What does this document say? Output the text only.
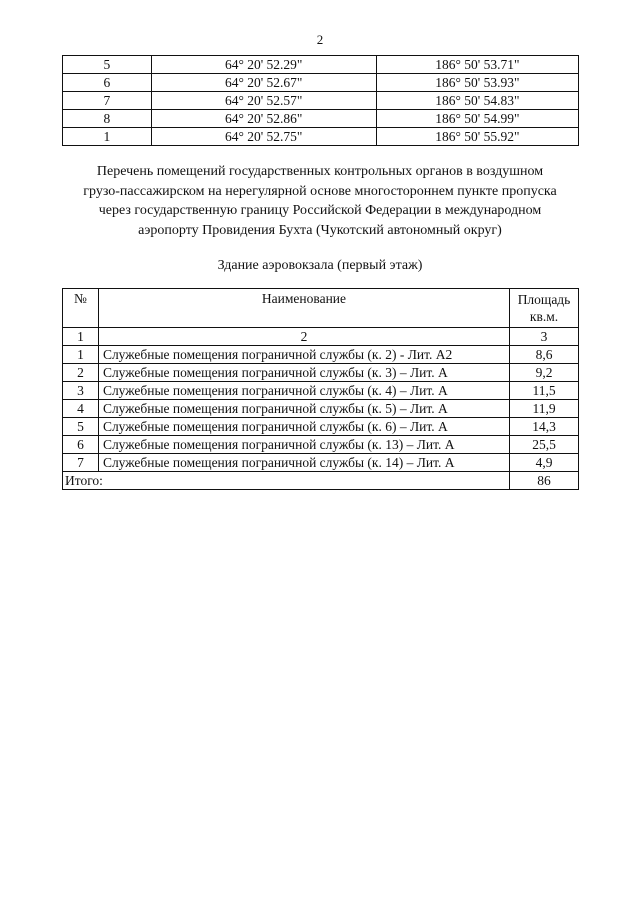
2
5	64° 20' 52.29"	186° 50' 53.71"
6	64° 20' 52.67"	186° 50' 53.93"
7	64° 20' 52.57"	186° 50' 54.83"
8	64° 20' 52.86"	186° 50' 54.99"
1	64° 20' 52.75"	186° 50' 55.92"
Перечень помещений государственных контрольных органов в воздушном
грузо-пассажирском на нерегулярной основе многостороннем пункте пропуска
через государственную границу Российской Федерации в международном
аэропорту Провидения Бухта (Чукотский автономный округ)
Здание аэровокзала (первый этаж)
№	Наименование	Площадь
кв.м.

1	2	3
1	Служебные помещения пограничной службы (к. 2) - Лит. А2	8,6
2	Служебные помещения пограничной службы (к. 3) – Лит. А	9,2
3	Служебные помещения пограничной службы (к. 4) – Лит. А	11,5
4	Служебные помещения пограничной службы (к. 5) – Лит. А	11,9
5	Служебные помещения пограничной службы (к. 6) – Лит. А	14,3
6	Служебные помещения пограничной службы (к. 13) – Лит. А	25,5
7	Служебные помещения пограничной службы (к. 14) – Лит. А	4,9
Итого:		86
